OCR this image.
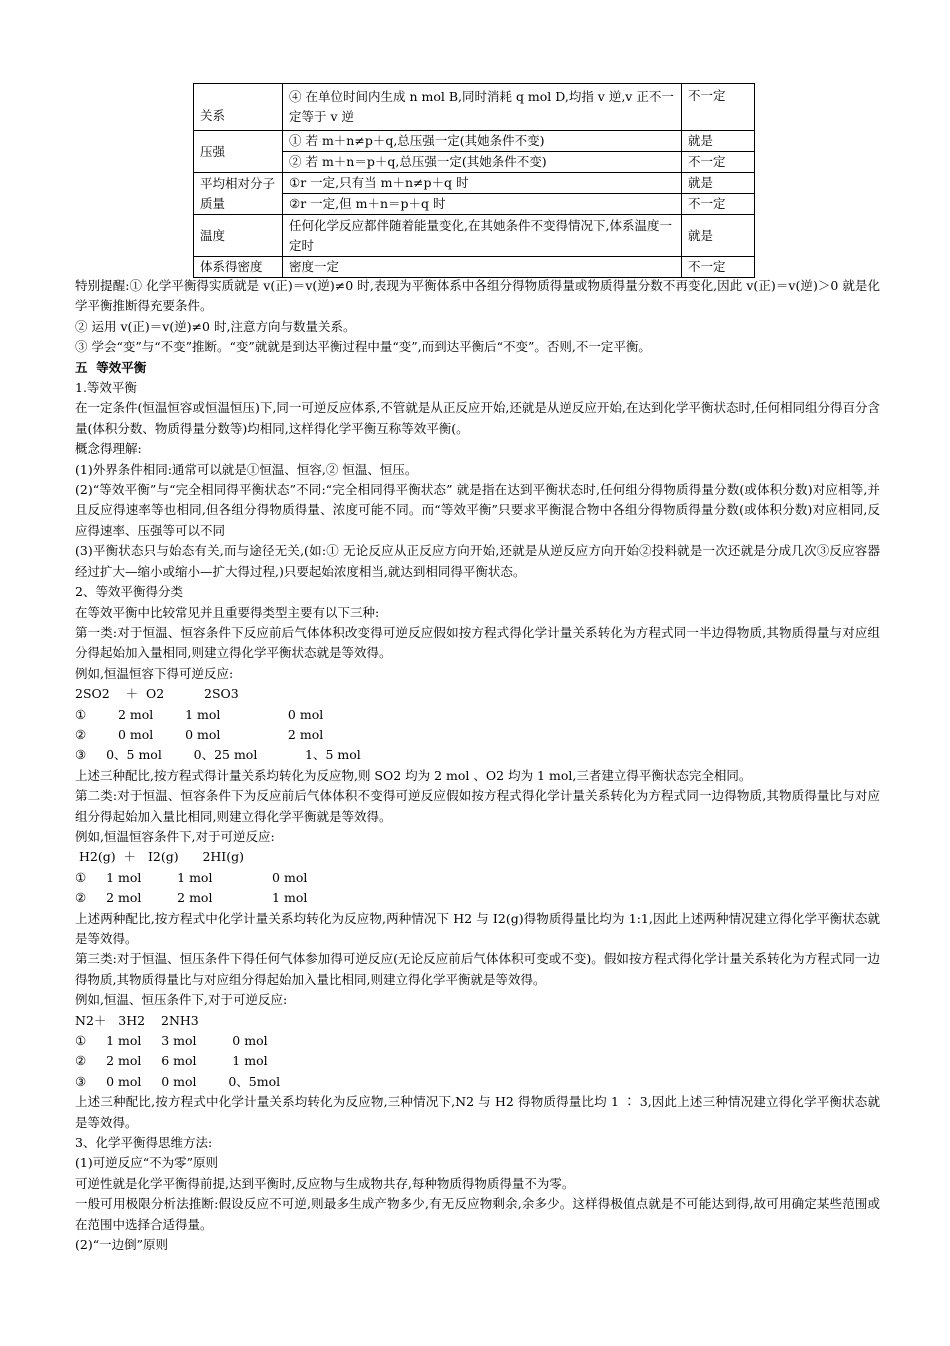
关系	④ 在单位时间内生成 n mol B,同时消耗 q mol D,均指 v 逆,v 正不一定等于 v 逆	不一定
压强	① 若 m＋n≠p＋q,总压强一定(其她条件不变)	就是
	② 若 m＋n＝p＋q,总压强一定(其她条件不变)	不一定
平均相对分子质量	①r 一定,只有当 m＋n≠p＋q 时	就是
	②r 一定,但 m＋n＝p＋q 时	不一定
温度	任何化学反应都伴随着能量变化,在其她条件不变得情况下,体系温度一定时	就是
体系得密度	密度一定	不一定

特别提醒:① 化学平衡得实质就是 v(正)＝v(逆)≠0 时,表现为平衡体系中各组分得物质得量或物质得量分数不再变化,因此 v(正)＝v(逆)＞0 就是化学平衡推断得充要条件。

② 运用 v(正)＝v(逆)≠0 时,注意方向与数量关系。

③ 学会“变”与“不变”推断。“变”就就是到达平衡过程中量“变”,而到达平衡后“不变”。否则,不一定平衡。

五  等效平衡

1.等效平衡

在一定条件(恒温恒容或恒温恒压)下,同一可逆反应体系,不管就是从正反应开始,还就是从逆反应开始,在达到化学平衡状态时,任何相同组分得百分含量(体积分数、物质得量分数等)均相同,这样得化学平衡互称等效平衡(。

概念得理解:

(1)外界条件相同:通常可以就是①恒温、恒容,② 恒温、恒压。

(2)“等效平衡”与“完全相同得平衡状态”不同:“完全相同得平衡状态” 就是指在达到平衡状态时,任何组分得物质得量分数(或体积分数)对应相等,并且反应得速率等也相同,但各组分得物质得量、浓度可能不同。而“等效平衡”只要求平衡混合物中各组分得物质得量分数(或体积分数)对应相同,反应得速率、压强等可以不同

(3)平衡状态只与始态有关,而与途径无关,(如:① 无论反应从正反应方向开始,还就是从逆反应方向开始②投料就是一次还就是分成几次③反应容器经过扩大—缩小或缩小—扩大得过程,)只要起始浓度相当,就达到相同得平衡状态。

2、等效平衡得分类

在等效平衡中比较常见并且重要得类型主要有以下三种:

第一类:对于恒温、恒容条件下反应前后气体体积改变得可逆反应假如按方程式得化学计量关系转化为方程式同一半边得物质,其物质得量与对应组分得起始加入量相同,则建立得化学平衡状态就是等效得。

例如,恒温恒容下得可逆反应:

2SO2    ＋  O2          2SO3

①        2 mol        1 mol                 0 mol

②        0 mol        0 mol                 2 mol

③     0、5 mol        0、25 mol            1、5 mol

上述三种配比,按方程式得计量关系均转化为反应物,则 SO2 均为 2 mol 、O2 均为 1 mol,三者建立得平衡状态完全相同。

第二类:对于恒温、恒容条件下为反应前后气体体积不变得可逆反应假如按方程式得化学计量关系转化为方程式同一边得物质,其物质得量比与对应组分得起始加入量比相同,则建立得化学平衡就是等效得。

例如,恒温恒容条件下,对于可逆反应:

H2(g)  ＋   I2(g)      2HI(g)

①     1 mol         1 mol               0 mol

②     2 mol         2 mol               1 mol

上述两种配比,按方程式中化学计量关系均转化为反应物,两种情况下 H2 与 I2(g)得物质得量比均为 1:1,因此上述两种情况建立得化学平衡状态就是等效得。

第三类:对于恒温、恒压条件下得任何气体参加得可逆反应(无论反应前后气体体积可变或不变)。假如按方程式得化学计量关系转化为方程式同一边得物质,其物质得量比与对应组分得起始加入量比相同,则建立得化学平衡就是等效得。

例如,恒温、恒压条件下,对于可逆反应:

N2＋   3H2    2NH3

①     1 mol     3 mol         0 mol

②     2 mol     6 mol         1 mol

③     0 mol     0 mol        0、5mol

上述三种配比,按方程式中化学计量关系均转化为反应物,三种情况下,N2 与 H2 得物质得量比均 1 ∶ 3,因此上述三种情况建立得化学平衡状态就是等效得。

3、化学平衡得思维方法:

(1)可逆反应“不为零”原则

可逆性就是化学平衡得前提,达到平衡时,反应物与生成物共存,每种物质得物质得量不为零。

一般可用极限分析法推断:假设反应不可逆,则最多生成产物多少,有无反应物剩余,余多少。这样得极值点就是不可能达到得,故可用确定某些范围或在范围中选择合适得量。

(2)“一边倒”原则
